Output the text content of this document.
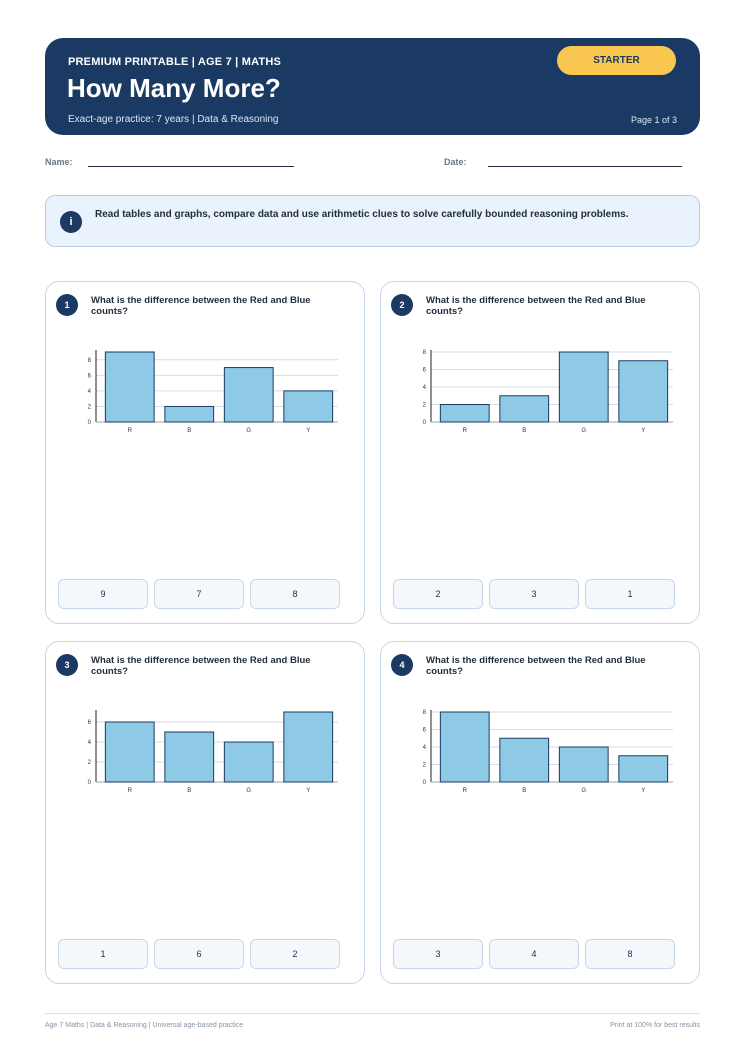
PREMIUM PRINTABLE | AGE 7 | MATHS
How Many More?
Exact-age practice: 7 years | Data & Reasoning	Page 1 of 3
STARTER
Name:	Date:
i
Read tables and graphs, compare data and use arithmetic clues to solve carefully bounded reasoning problems.
1	What is the difference between the Red and Blue counts?
0
2
4
6
8
R	B	G	Y
9	7	8
2	What is the difference between the Red and Blue counts?
0
2
4
6
8
R	B	G	Y
2	3	1
3	What is the difference between the Red and Blue counts?
0
2
4
6
R	B	G	Y
1	6	2
4	What is the difference between the Red and Blue counts?
0
2
4
6
8
R	B	G	Y
3	4	8
Age 7 Maths | Data & Reasoning | Universal age-based practice	Print at 100% for best results
